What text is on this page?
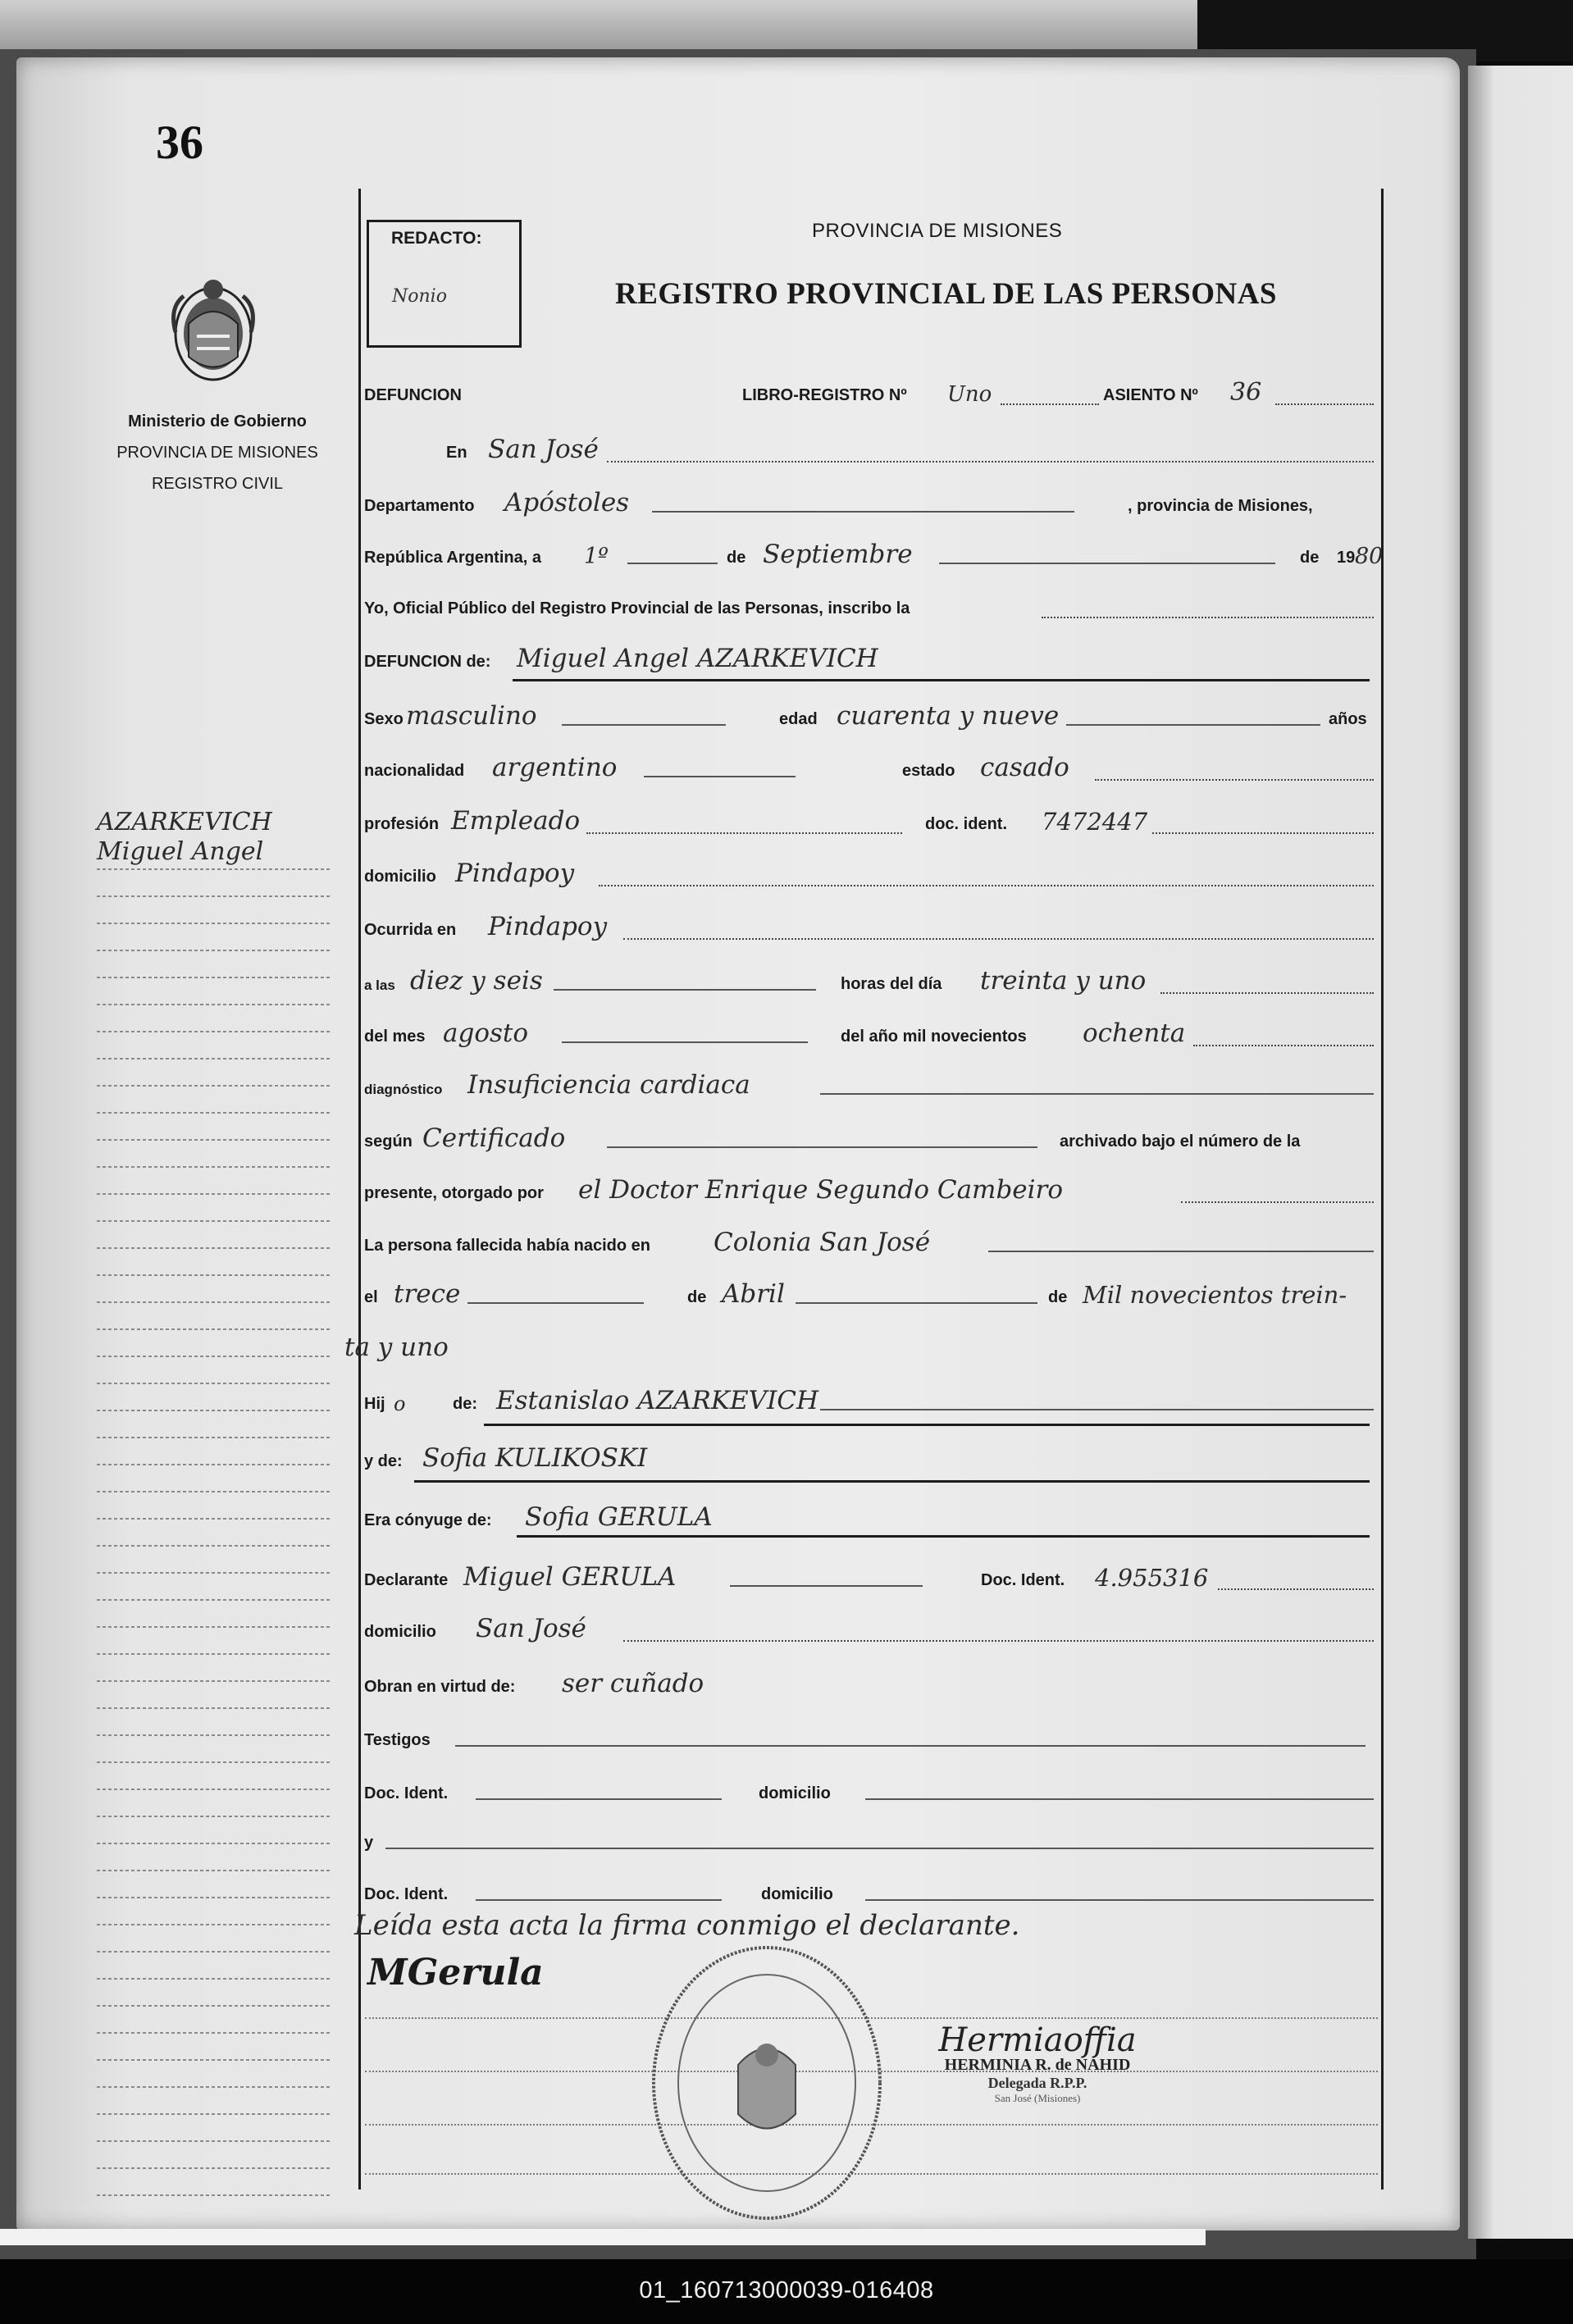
36
Ministerio de Gobierno
PROVINCIA DE MISIONES
REGISTRO CIVIL
AZARKEVICH
Miguel Angel
REDACTO:
Nonio
PROVINCIA DE MISIONES
REGISTRO PROVINCIAL DE LAS PERSONAS
DEFUNCION	LIBRO-REGISTRO Nº Uno	ASIENTO Nº 36
En San José
Departamento Apóstoles	, provincia de Misiones,
República Argentina, a 1º	de Septiembre	de 19 80
Yo, Oficial Público del Registro Provincial de las Personas, inscribo la
DEFUNCION de: Miguel Angel AZARKEVICH
Sexo masculino	edad cuarenta y nueve	años
nacionalidad argentino	estado casado
profesión Empleado	doc. ident. 7472447
domicilio Pindapoy
Ocurrida en Pindapoy
a las diez y seis	horas del día treinta y uno
del mes agosto	del año mil novecientos ochenta
diagnóstico Insuficiencia cardiaca
según Certificado	archivado bajo el número de la
presente, otorgado por el Doctor Enrique Segundo Cambeiro
La persona fallecida había nacido en Colonia San José
el trece	de Abril	de Mil novecientos trein-
ta y uno
Hij o	de: Estanislao AZARKEVICH
y de: Sofia KULIKOSKI
Era cónyuge de: Sofia GERULA
Declarante Miguel GERULA	Doc. Ident. 4.955316
domicilio San José
Obran en virtud de: ser cuñado
Testigos
Doc. Ident.	domicilio
y
Doc. Ident.	domicilio
Leída esta acta la firma conmigo el declarante.
MGerula
Hermiaoffia
HERMINIA R. de NAHID
Delegada R.P.P.
San José (Misiones)
01_160713000039-016408
